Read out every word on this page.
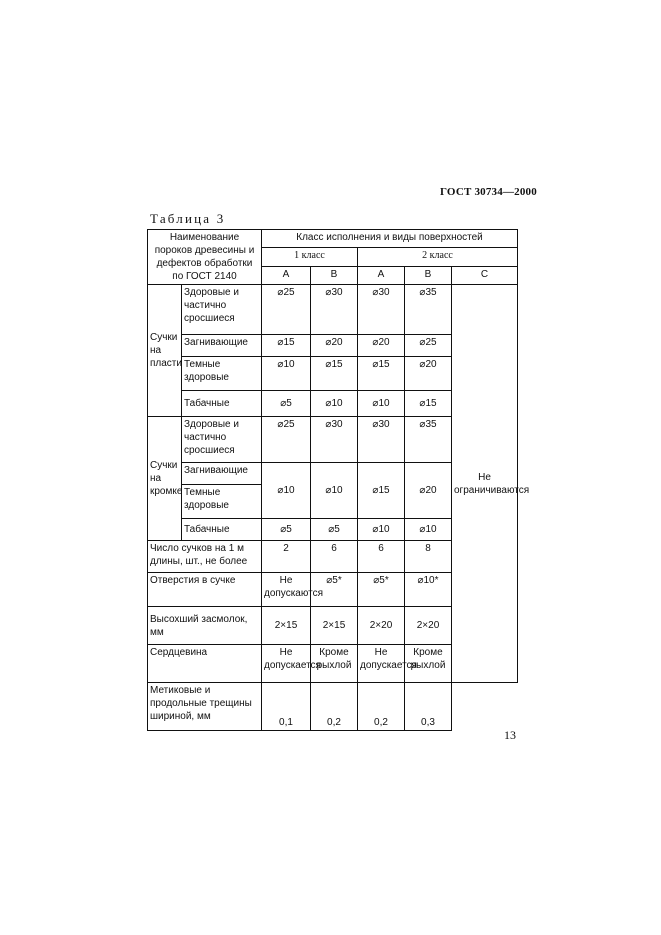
ГОСТ 30734—2000
Таблица 3
Наименование пороков древесины и дефектов обработки по ГОСТ 2140		Класс исполнения и виды поверхностей				
		1 класс		2 класс		
		A	B	A	B	C
Сучки на пласти	Здоровые и частично сросшиеся	⌀25	⌀30	⌀30	⌀35	Не ограничиваются
	Загнивающие	⌀15	⌀20	⌀20	⌀25	
	Темные здоровые	⌀10	⌀15	⌀15	⌀20	
	Табачные	⌀5	⌀10	⌀10	⌀15	
Сучки на кромке	Здоровые и частично сросшиеся	⌀25	⌀30	⌀30	⌀35	
	Загнивающие	⌀10	⌀10	⌀15	⌀20	
	Темные здоровые					
	Табачные	⌀5	⌀5	⌀10	⌀10	
Число сучков на 1 м длины, шт., не более		2	6	6	8	
Отверстия в сучке		Не допускаются	⌀5*	⌀5*	⌀10*	
Высохший засмолок, мм		2×15	2×15	2×20	2×20	
Сердцевина		Не допускается	Кроме рыхлой	Не допускается	Кроме рыхлой	
Метиковые и продольные трещины шириной, мм		0,1	0,2	0,2	0,3	
13
